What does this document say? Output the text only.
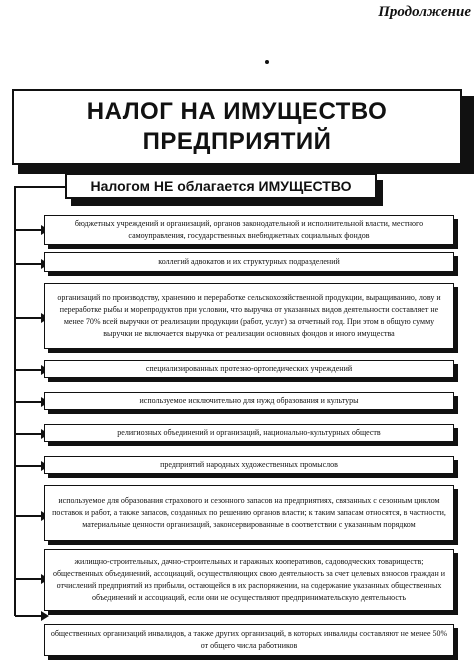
Продолжение
НАЛОГ НА ИМУЩЕСТВО
ПРЕДПРИЯТИЙ
Налогом НЕ облагается ИМУЩЕСТВО
бюджетных учреждений и организаций, органов законодательной и исполнительной власти, местного самоуправления, государственных внебюджетных социальных фондов
коллегий адвокатов и их структурных подразделений
организаций по производству, хранению и переработке сельскохозяйственной продукции, выращиванию, лову и переработке рыбы и морепродуктов при условии, что выручка от указанных видов деятельности составляет не менее 70% всей выручки от реализации продукции (работ, услуг) за отчетный год. При этом в общую сумму выручки не включается выручка от реализации основных фондов и иного имущества
специализированных протезно-ортопедических учреждений
используемое исключительно для нужд образования и культуры
религиозных объединений и организаций, национально-культурных обществ
предприятий народных художественных промыслов
используемое для образования страхового и сезонного запасов на предприятиях, связанных с сезонным циклом поставок и работ, а также запасов, созданных по решению органов власти; к таким запасам относятся, в частности, материальные ценности организаций, законсервированные в соответствии с указанным порядком
жилищно-строительных, дачно-строительных и гаражных кооперативов, садоводческих товариществ; общественных объединений, ассоциаций, осуществляющих свою деятельность за счет целевых взносов граждан и отчислений предприятий из прибыли, остающейся в их распоряжении, на содержание указанных общественных объединений и ассоциаций, если они не осуществляют предпринимательскую деятельность
общественных организаций инвалидов, а также других организаций, в которых инвалиды составляют не менее 50% от общего числа работников
